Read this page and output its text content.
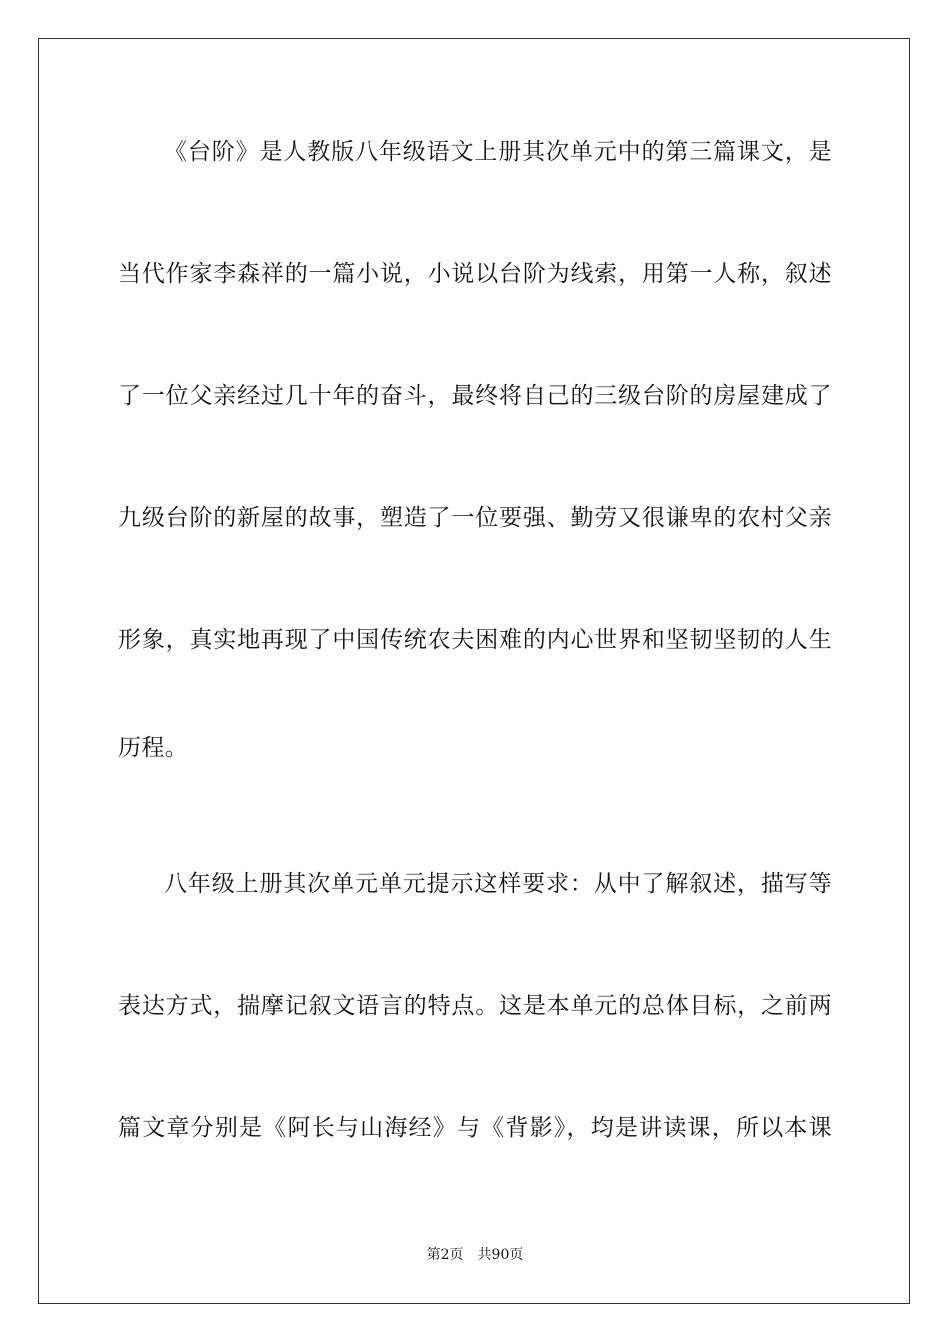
《台阶》是人教版八年级语文上册其次单元中的第三篇课文，是
当代作家李森祥的一篇小说，小说以台阶为线索，用第一人称，叙述
了一位父亲经过几十年的奋斗，最终将自己的三级台阶的房屋建成了
九级台阶的新屋的故事，塑造了一位要强、勤劳又很谦卑的农村父亲
形象，真实地再现了中国传统农夫困难的内心世界和坚韧坚韧的人生
历程。
八年级上册其次单元单元提示这样要求：从中了解叙述，描写等
表达方式，揣摩记叙文语言的特点。这是本单元的总体目标，之前两
篇文章分别是《阿长与山海经》与《背影》，均是讲读课，所以本课
第2页 共90页
